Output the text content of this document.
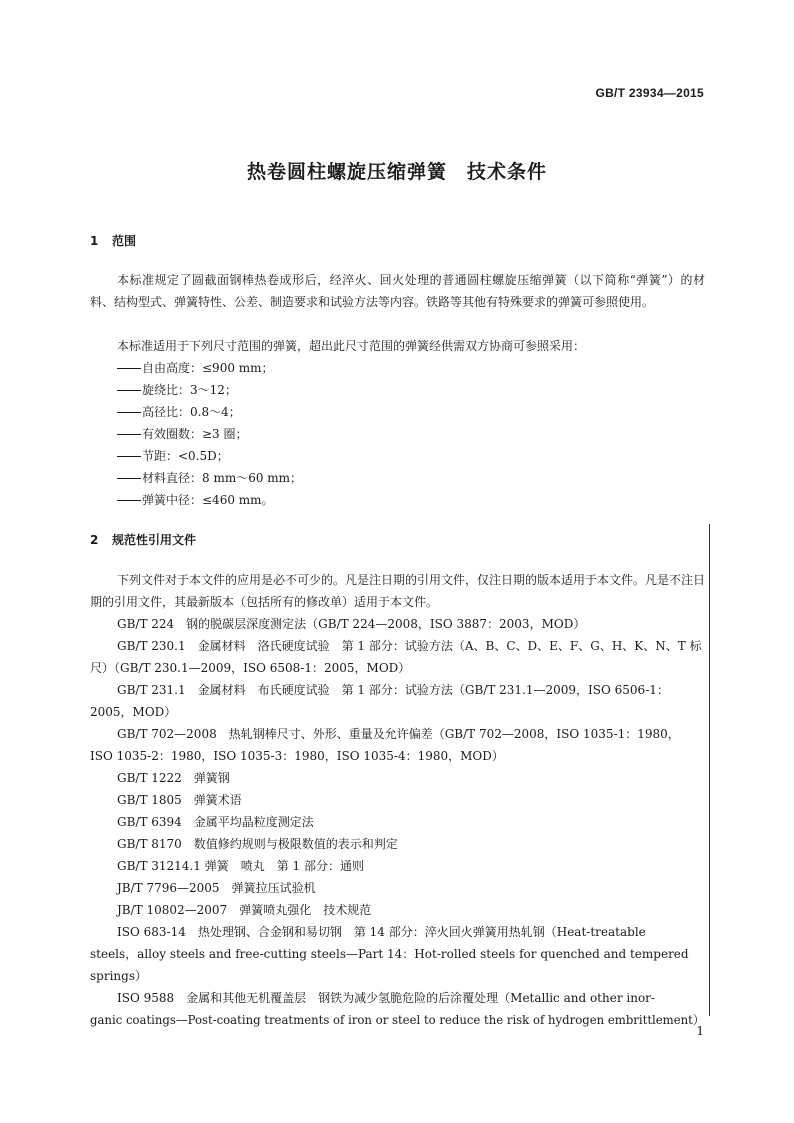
GB/T 23934—2015
热卷圆柱螺旋压缩弹簧　技术条件
1 范围
本标准规定了圆截面钢棒热卷成形后，经淬火、回火处理的普通圆柱螺旋压缩弹簧（以下简称“弹簧”）的材料、结构型式、弹簧特性、公差、制造要求和试验方法等内容。铁路等其他有特殊要求的弹簧可参照使用。
本标准适用于下列尺寸范围的弹簧，超出此尺寸范围的弹簧经供需双方协商可参照采用：
自由高度：≤900 mm；
旋绕比：3～12；
高径比：0.8～4；
有效圈数：≥3 圈；
节距：<0.5D；
材料直径：8 mm～60 mm；
弹簧中径：≤460 mm。
2 规范性引用文件
下列文件对于本文件的应用是必不可少的。凡是注日期的引用文件，仅注日期的版本适用于本文件。凡是不注日期的引用文件，其最新版本（包括所有的修改单）适用于本文件。
GB/T 224　钢的脱碳层深度测定法（GB/T 224—2008，ISO 3887：2003，MOD）
GB/T 230.1　金属材料　洛氏硬度试验　第 1 部分：试验方法（A、B、C、D、E、F、G、H、K、N、T 标
尺）（GB/T 230.1—2009，ISO 6508-1：2005，MOD）
GB/T 231.1　金属材料　布氏硬度试验　第 1 部分：试验方法（GB/T 231.1—2009，ISO 6506-1：
2005，MOD）
GB/T 702—2008　热轧钢棒尺寸、外形、重量及允许偏差（GB/T 702—2008，ISO 1035-1：1980，
ISO 1035-2：1980，ISO 1035-3：1980，ISO 1035-4：1980，MOD）
GB/T 1222　弹簧钢
GB/T 1805　弹簧术语
GB/T 6394　金属平均晶粒度测定法
GB/T 8170　数值修约规则与极限数值的表示和判定
GB/T 31214.1 弹簧　喷丸　第 1 部分：通则
JB/T 7796—2005　弹簧拉压试验机
JB/T 10802—2007　弹簧喷丸强化　技术规范
ISO 683-14　热处理钢、合金钢和易切钢　第 14 部分：淬火回火弹簧用热轧钢（Heat-treatable
steels，alloy steels and free-cutting steels—Part 14：Hot-rolled steels for quenched and tempered
springs）
ISO 9588　金属和其他无机覆盖层　钢铁为减少氢脆危险的后涂覆处理（Metallic and other inor-
ganic coatings—Post-coating treatments of iron or steel to reduce the risk of hydrogen embrittlement）
1
